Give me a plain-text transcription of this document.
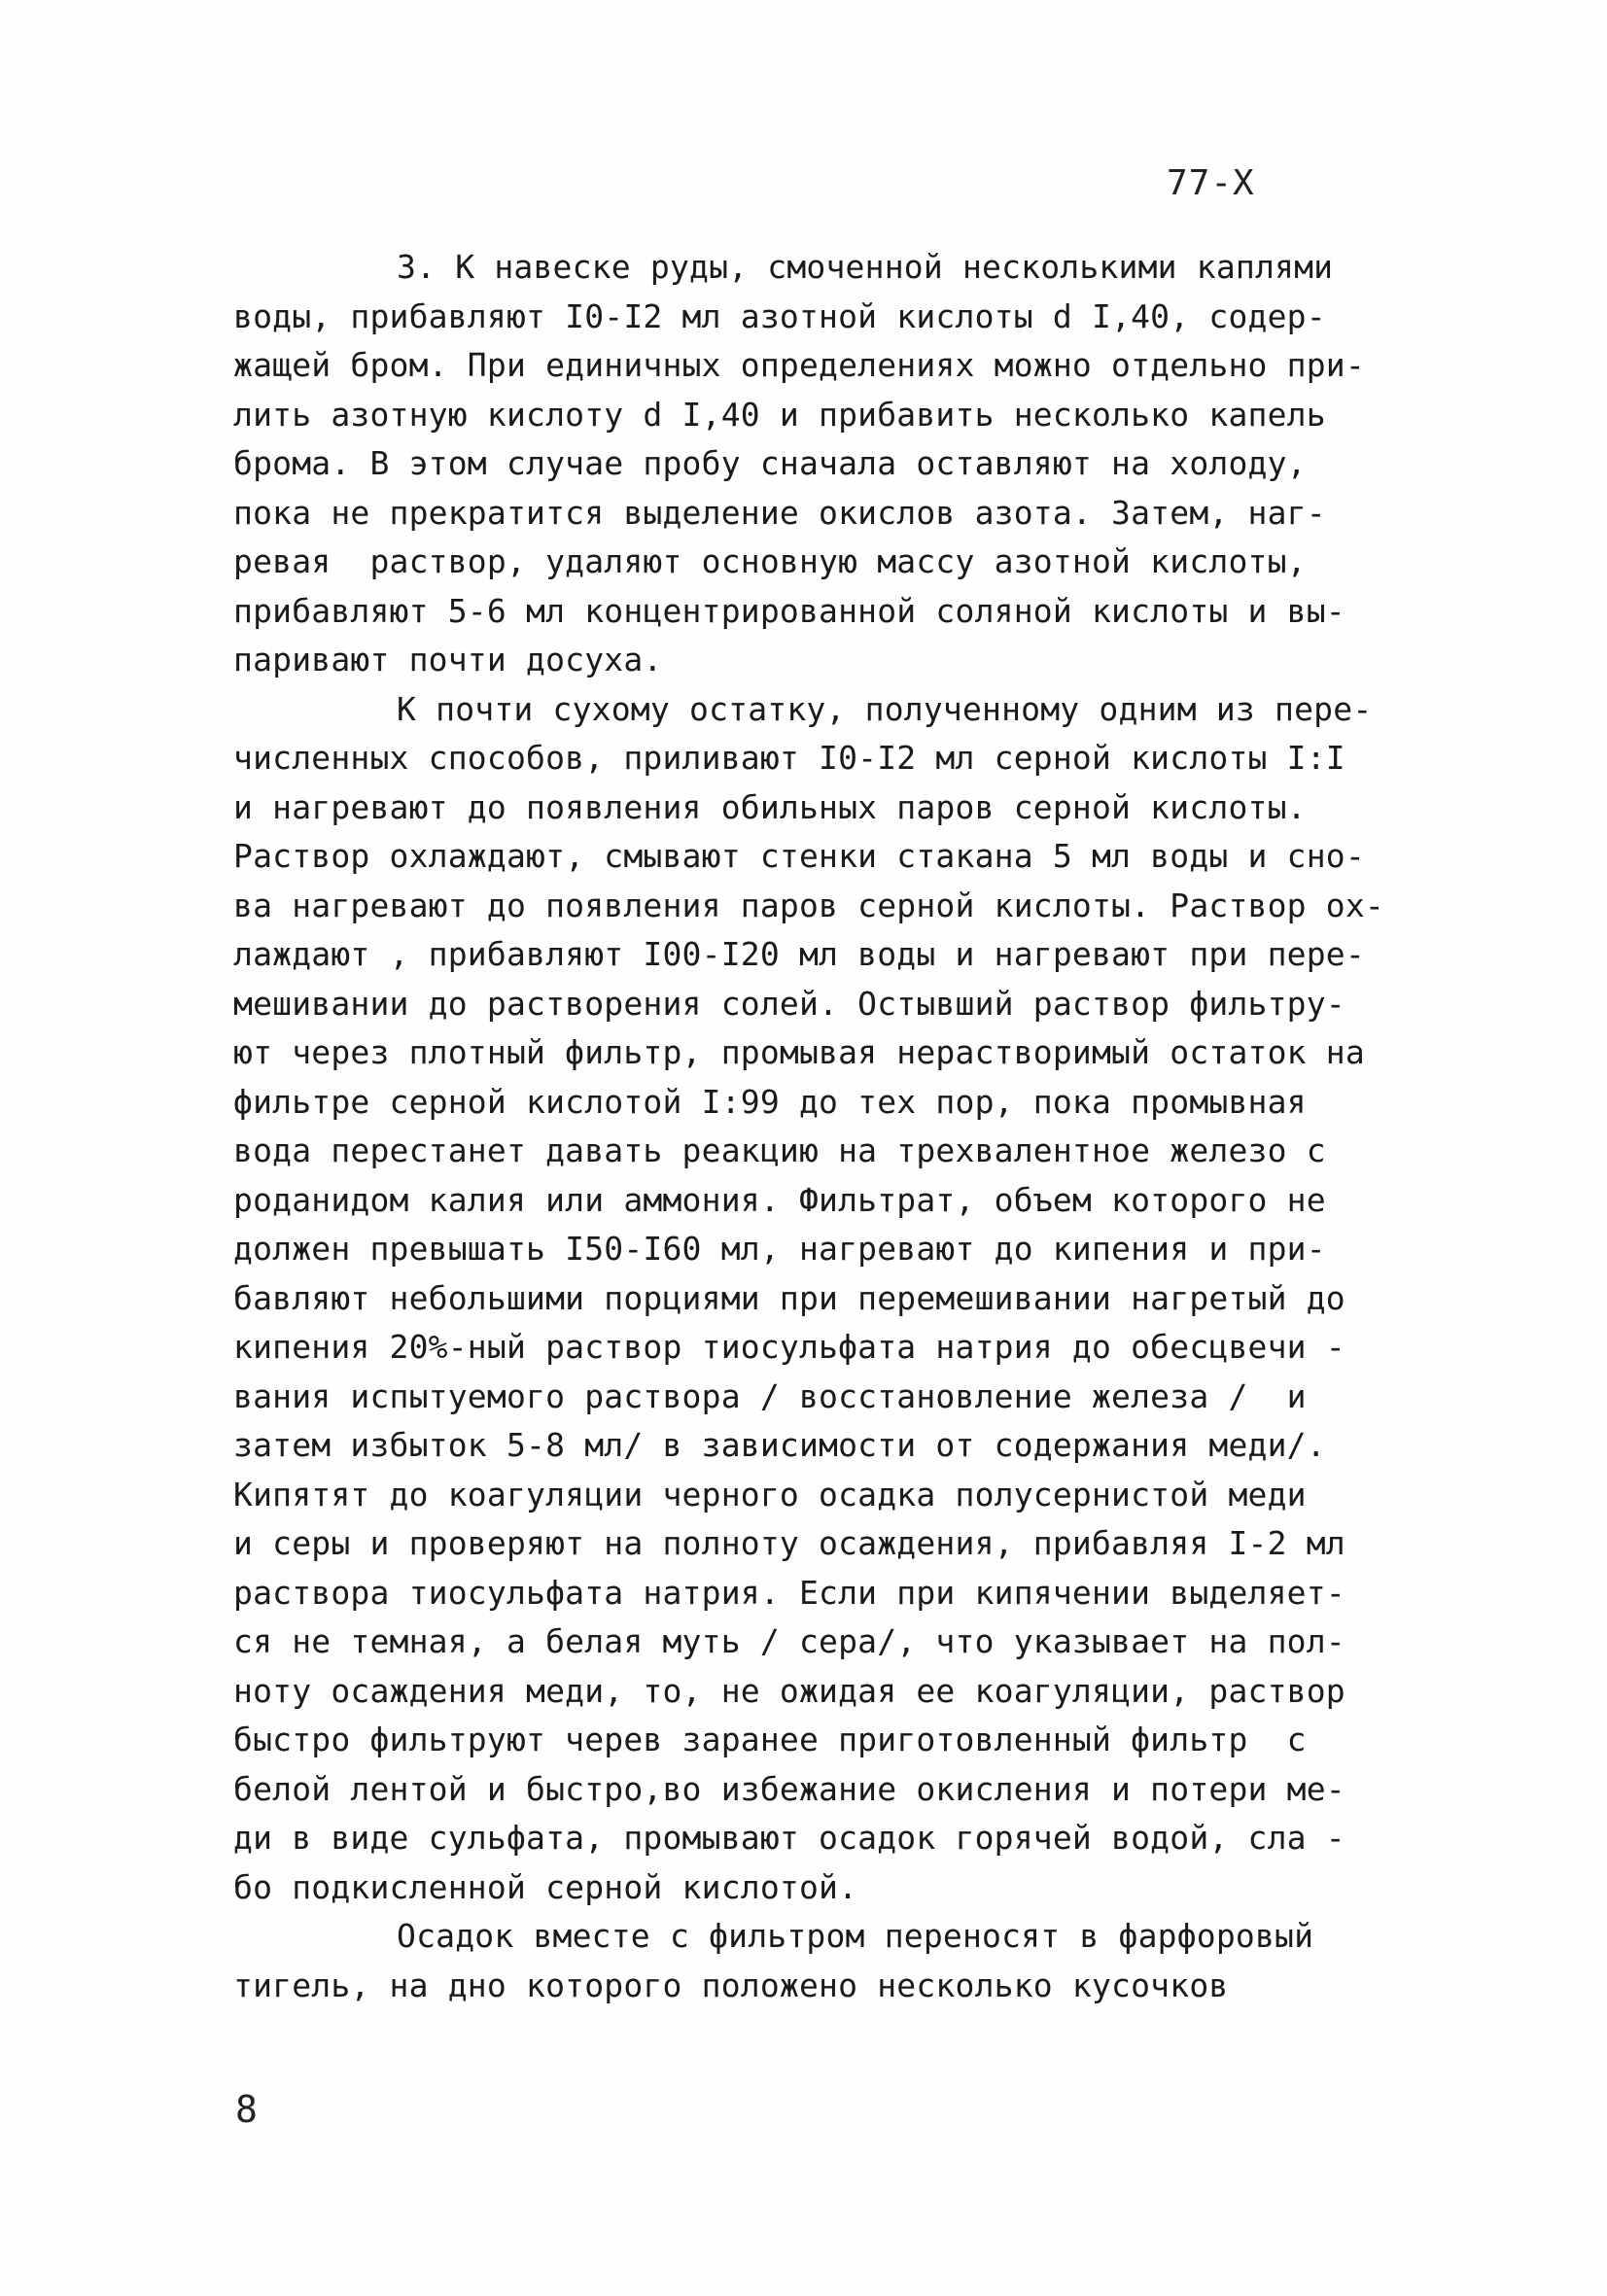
77-X
3. К навеске руды, смоченной несколькими каплями
воды, прибавляют I0-I2 мл азотной кислоты d I,40, содер-
жащей бром. При единичных определениях можно отдельно при-
лить азотную кислоту d I,40 и прибавить несколько капель
брома. В этом случае пробу сначала оставляют на холоду,
пока не прекратится выделение окислов азота. Затем, наг-
ревая  раствор, удаляют основную массу азотной кислоты,
прибавляют 5-6 мл концентрированной соляной кислоты и вы-
паривают почти досуха.
К почти сухому остатку, полученному одним из пере-
численных способов, приливают I0-I2 мл серной кислоты I:I
и нагревают до появления обильных паров серной кислоты.
Раствор охлаждают, смывают стенки стакана 5 мл воды и сно-
ва нагревают до появления паров серной кислоты. Раствор ох-
лаждают , прибавляют I00-I20 мл воды и нагревают при пере-
мешивании до растворения солей. Остывший раствор фильтру-
ют через плотный фильтр, промывая нерастворимый остаток на
фильтре серной кислотой I:99 до тех пор, пока промывная
вода перестанет давать реакцию на трехвалентное железо с
роданидом калия или аммония. Фильтрат, объем которого не
должен превышать I50-I60 мл, нагревают до кипения и при-
бавляют небольшими порциями при перемешивании нагретый до
кипения 20%-ный раствор тиосульфата натрия до обесцвечи -
вания испытуемого раствора / восстановление железа /  и
затем избыток 5-8 мл/ в зависимости от содержания меди/.
Кипятят до коагуляции черного осадка полусернистой меди
и серы и проверяют на полноту осаждения, прибавляя I-2 мл
раствора тиосульфата натрия. Если при кипячении выделяет-
ся не темная, а белая муть / сера/, что указывает на пол-
ноту осаждения меди, то, не ожидая ее коагуляции, раствор
быстро фильтруют черев заранее приготовленный фильтр  с
белой лентой и быстро,во избежание окисления и потери ме-
ди в виде сульфата, промывают осадок горячей водой, сла -
бо подкисленной серной кислотой.
Осадок вместе с фильтром переносят в фарфоровый
тигель, на дно которого положено несколько кусочков
8
